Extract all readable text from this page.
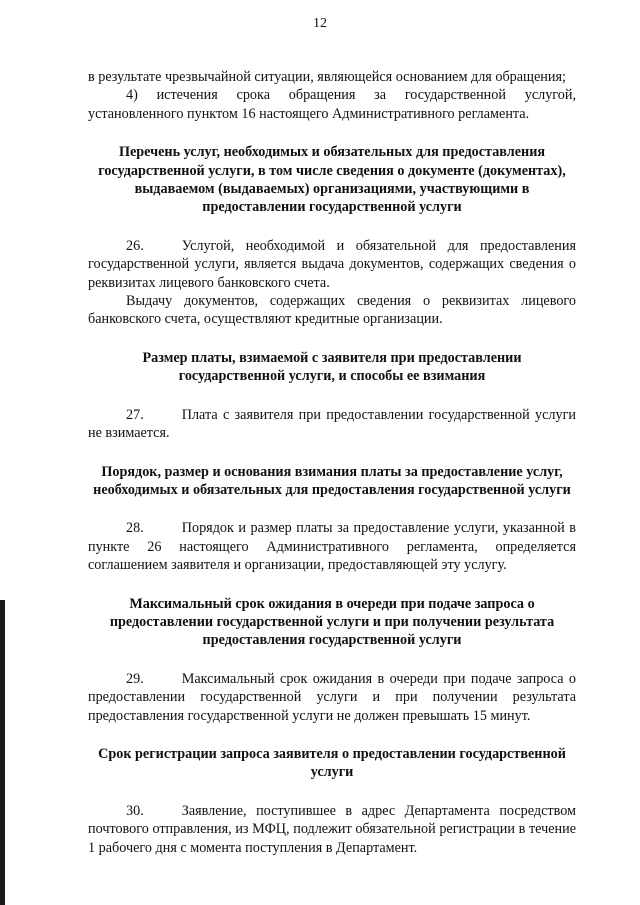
12

в результате чрезвычайной ситуации, являющейся основанием для обращения;

4) истечения срока обращения за государственной услугой, установленного пунктом 16 настоящего Административного регламента.

Перечень услуг, необходимых и обязательных для предоставления государственной услуги, в том числе сведения о документе (документах), выдаваемом (выдаваемых) организациями, участвующими в предоставлении государственной услуги

26.	Услугой, необходимой и обязательной для предоставления государственной услуги, является выдача документов, содержащих сведения о реквизитах лицевого банковского счета.

Выдачу документов, содержащих сведения о реквизитах лицевого банковского счета, осуществляют кредитные организации.

Размер платы, взимаемой с заявителя при предоставлении государственной услуги, и способы ее взимания

27.	Плата с заявителя при предоставлении государственной услуги не взимается.

Порядок, размер и основания взимания платы за предоставление услуг, необходимых и обязательных для предоставления государственной услуги

28.	Порядок и размер платы за предоставление услуги, указанной в пункте 26 настоящего Административного регламента, определяется соглашением заявителя и организации, предоставляющей эту услугу.

Максимальный срок ожидания в очереди при подаче запроса о предоставлении государственной услуги и при получении результата предоставления государственной услуги

29.	Максимальный срок ожидания в очереди при подаче запроса о предоставлении государственной услуги и при получении результата предоставления государственной услуги не должен превышать 15 минут.

Срок регистрации запроса заявителя о предоставлении государственной услуги

30.	Заявление, поступившее в адрес Департамента посредством почтового отправления, из МФЦ, подлежит обязательной регистрации в течение 1 рабочего дня с момента поступления в Департамент.
